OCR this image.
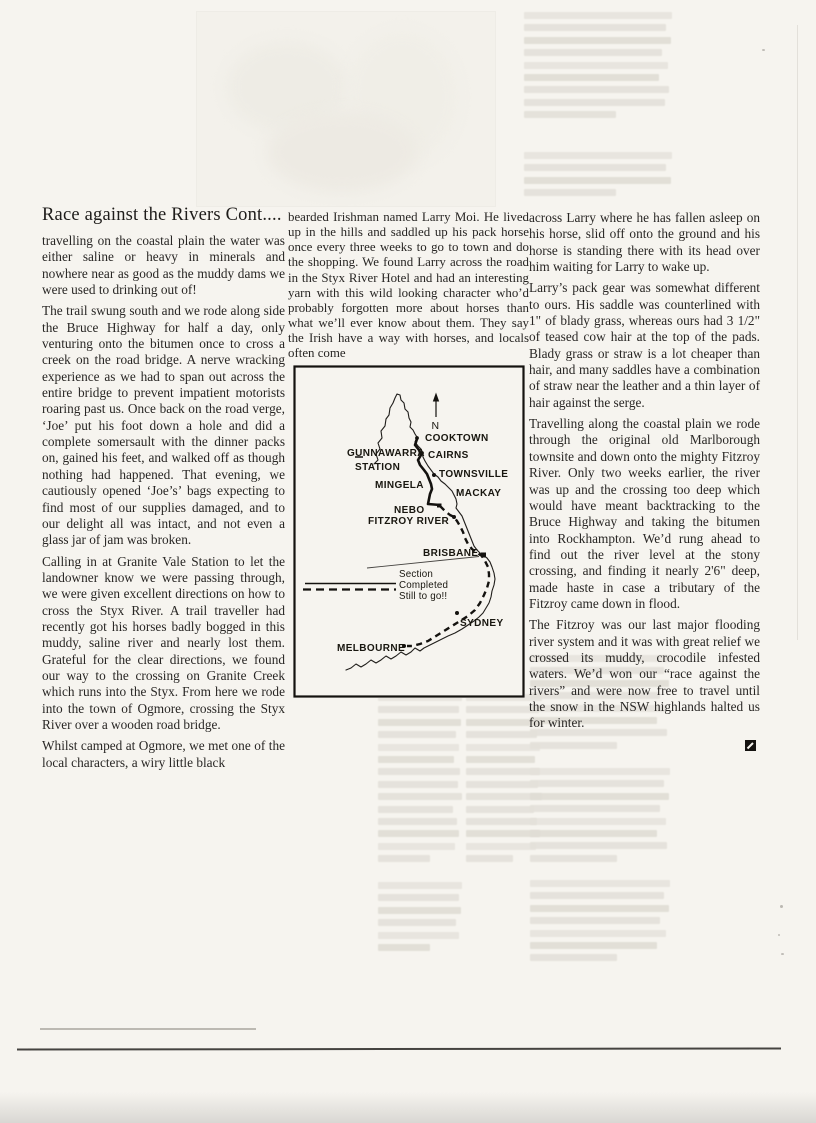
Race against the Rivers Cont....

travelling on the coastal plain the water was either saline or heavy in minerals and nowhere near as good as the muddy dams we were used to drinking out of!

The trail swung south and we rode along side the Bruce Highway for half a day, only venturing onto the bitumen once to cross a creek on the road bridge. A nerve wracking experience as we had to span out across the entire bridge to prevent impatient motorists roaring past us. Once back on the road verge, ‘Joe’ put his foot down a hole and did a complete somersault with the dinner packs on, gained his feet, and walked off as though nothing had happened. That evening, we cautiously opened ‘Joe’s’ bags expecting to find most of our supplies damaged, and to our delight all was intact, and not even a glass jar of jam was broken.

Calling in at Granite Vale Station to let the landowner know we were passing through, we were given excellent directions on how to cross the Styx River. A trail traveller had recently got his horses badly bogged in this muddy, saline river and nearly lost them. Grateful for the clear directions, we found our way to the crossing on Granite Creek which runs into the Styx. From here we rode into the town of Ogmore, crossing the Styx River over a wooden road bridge.

Whilst camped at Ogmore, we met one of the local characters, a wiry little black

bearded Irishman named Larry Moi. He lived up in the hills and saddled up his pack horse once every three weeks to go to town and do the shopping. We found Larry across the road in the Styx River Hotel and had an interesting yarn with this wild looking character who’d probably forgotten more about horses than what we’ll ever know about them. They say the Irish have a way with horses, and locals often come

across Larry where he has fallen asleep on his horse, slid off onto the ground and his horse is standing there with its head over him waiting for Larry to wake up.

Larry’s pack gear was somewhat different to ours. His saddle was counterlined with 1" of blady grass, whereas ours had 3 1/2" of teased cow hair at the top of the pads. Blady grass or straw is a lot cheaper than hair, and many saddles have a combination of straw near the leather and a thin layer of hair against the serge.

Travelling along the coastal plain we rode through the original old Marlborough townsite and down onto the mighty Fitzroy River. Only two weeks earlier, the river was up and the crossing too deep which would have meant backtracking to the Bruce Highway and taking the bitumen into Rockhampton. We’d rung ahead to find out the river level at the stony crossing, and finding it nearly 2'6" deep, made haste in case a tributary of the Fitzroy came down in flood.

The Fitzroy was our last major flooding river system and it was with great relief we crossed its muddy, crocodile infested waters. We’d won our “race against the rivers” and were now free to travel until the snow in the NSW highlands halted us for winter.

N
Section
Completed
Still to go!!
COOKTOWN
GUNNAWARRA
STATION
CAIRNS
TOWNSVILLE
MINGELA
MACKAY
NEBO
FITZROY RIVER
BRISBANE
SYDNEY
MELBOURNE
